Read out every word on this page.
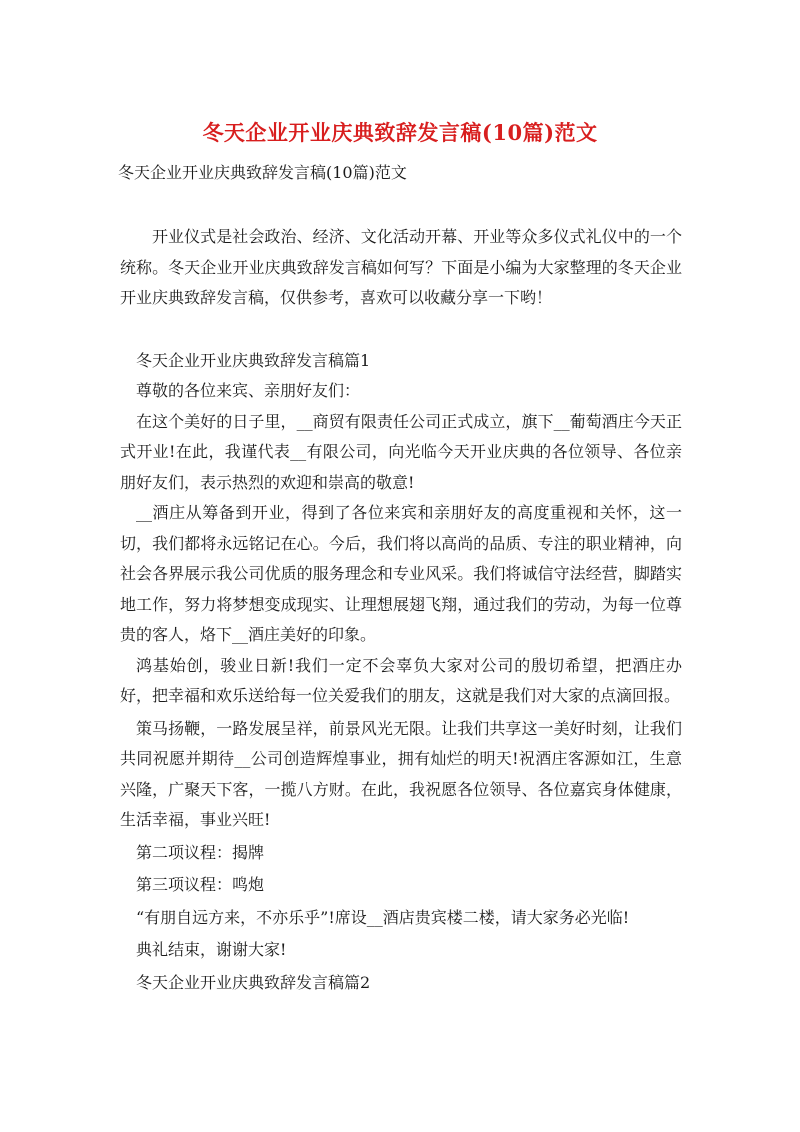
冬天企业开业庆典致辞发言稿(10篇)范文
冬天企业开业庆典致辞发言稿(10篇)范文

开业仪式是社会政治、经济、文化活动开幕、开业等众多仪式礼仪中的一个统称。冬天企业开业庆典致辞发言稿如何写？下面是小编为大家整理的冬天企业开业庆典致辞发言稿，仅供参考，喜欢可以收藏分享一下哟！

冬天企业开业庆典致辞发言稿篇1

尊敬的各位来宾、亲朋好友们：

在这个美好的日子里，__商贸有限责任公司正式成立，旗下__葡萄酒庄今天正式开业!在此，我谨代表__有限公司，向光临今天开业庆典的各位领导、各位亲朋好友们，表示热烈的欢迎和崇高的敬意!

__酒庄从筹备到开业，得到了各位来宾和亲朋好友的高度重视和关怀，这一切，我们都将永远铭记在心。今后，我们将以高尚的品质、专注的职业精神，向社会各界展示我公司优质的服务理念和专业风采。我们将诚信守法经营，脚踏实地工作，努力将梦想变成现实、让理想展翅飞翔，通过我们的劳动，为每一位尊贵的客人，烙下__酒庄美好的印象。

鸿基始创，骏业日新!我们一定不会辜负大家对公司的殷切希望，把酒庄办好，把幸福和欢乐送给每一位关爱我们的朋友，这就是我们对大家的点滴回报。

策马扬鞭，一路发展呈祥，前景风光无限。让我们共享这一美好时刻，让我们共同祝愿并期待__公司创造辉煌事业，拥有灿烂的明天!祝酒庄客源如江，生意兴隆，广聚天下客，一揽八方财。在此，我祝愿各位领导、各位嘉宾身体健康，生活幸福，事业兴旺!

第二项议程：揭牌

第三项议程：鸣炮

“有朋自远方来，不亦乐乎”!席设__酒店贵宾楼二楼，请大家务必光临!

典礼结束，谢谢大家!

冬天企业开业庆典致辞发言稿篇2
